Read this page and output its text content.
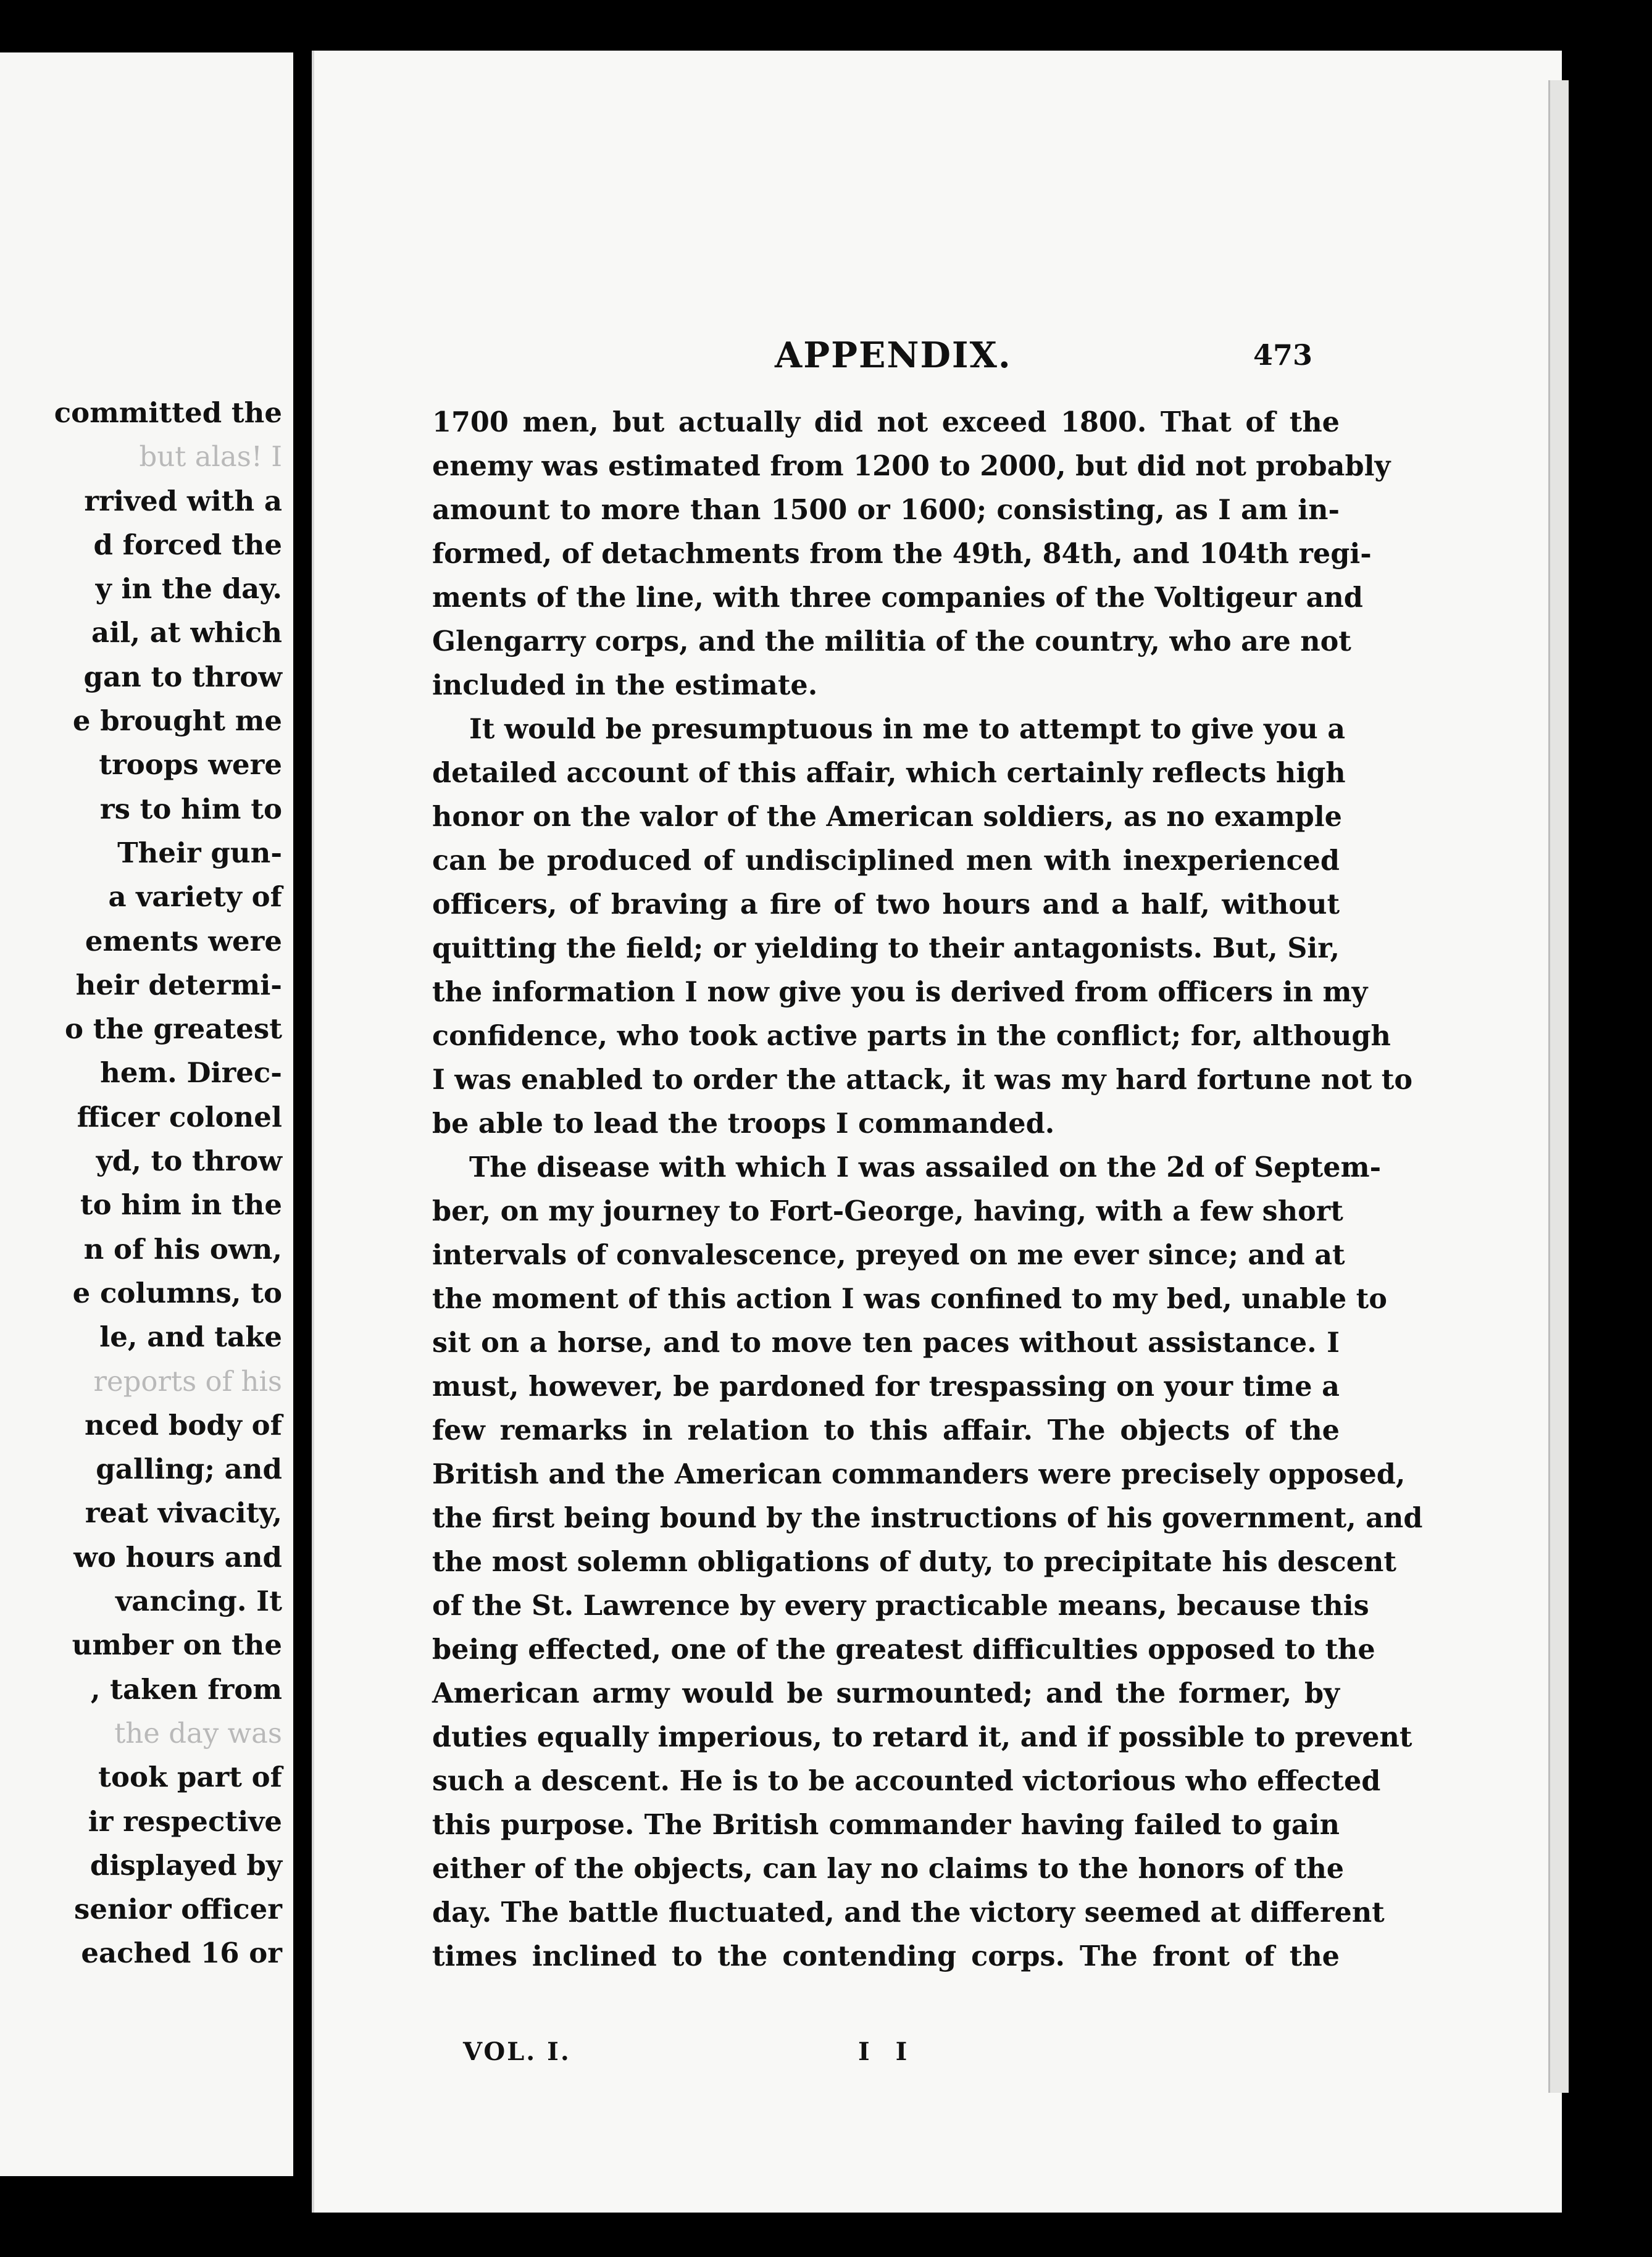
committed the
but alas! I
rrived with a
d forced the
y in the day.
ail, at which
gan to throw
e brought me
troops were
rs to him to
Their gun-
a variety of
ements were
heir determi-
o the greatest
hem. Direc-
fficer colonel
yd, to throw
to him in the
n of his own,
e columns, to
le, and take
reports of his
nced body of
galling; and
reat vivacity,
wo hours and
vancing. It
umber on the
, taken from
the day was
took part of
ir respective
displayed by
senior officer
eached 16 or
APPENDIX.	473
1700 men, but actually did not exceed 1800. That of the
enemy was estimated from 1200 to 2000, but did not probably
amount to more than 1500 or 1600; consisting, as I am in-
formed, of detachments from the 49th, 84th, and 104th regi-
ments of the line, with three companies of the Voltigeur and
Glengarry corps, and the militia of the country, who are not
included in the estimate.
It would be presumptuous in me to attempt to give you a
detailed account of this affair, which certainly reflects high
honor on the valor of the American soldiers, as no example
can be produced of undisciplined men with inexperienced
officers, of braving a fire of two hours and a half, without
quitting the field; or yielding to their antagonists. But, Sir,
the information I now give you is derived from officers in my
confidence, who took active parts in the conflict; for, although
I was enabled to order the attack, it was my hard fortune not to
be able to lead the troops I commanded.
The disease with which I was assailed on the 2d of Septem-
ber, on my journey to Fort-George, having, with a few short
intervals of convalescence, preyed on me ever since; and at
the moment of this action I was confined to my bed, unable to
sit on a horse, and to move ten paces without assistance. I
must, however, be pardoned for trespassing on your time a
few remarks in relation to this affair. The objects of the
British and the American commanders were precisely opposed,
the first being bound by the instructions of his government, and
the most solemn obligations of duty, to precipitate his descent
of the St. Lawrence by every practicable means, because this
being effected, one of the greatest difficulties opposed to the
American army would be surmounted; and the former, by
duties equally imperious, to retard it, and if possible to prevent
such a descent. He is to be accounted victorious who effected
this purpose. The British commander having failed to gain
either of the objects, can lay no claims to the honors of the
day. The battle fluctuated, and the victory seemed at different
times inclined to the contending corps. The front of the
VOL. I.	I I
